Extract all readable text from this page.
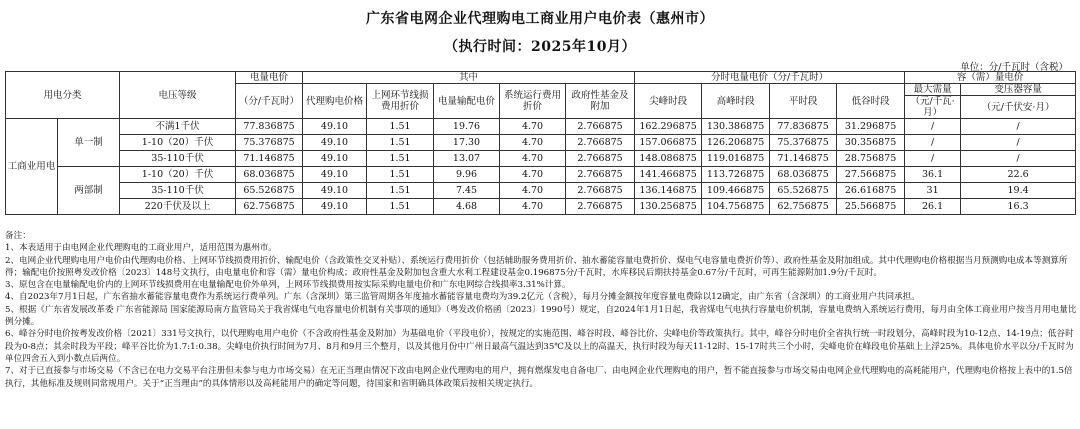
广东省电网企业代理购电工商业用户电价表（惠州市）
（执行时间：2025年10月）
单位：分/千瓦时（含税）
用电分类		电压等级	电量电价	其中					分时电量电价（分/千瓦时）				容（需）量电价	
			（分/千瓦时）	代理购电价格	上网环节线损费用折价	电量输配电价	系统运行费用折价	政府性基金及附加	尖峰时段	高峰时段	平时段	低谷时段	最大需量	变压器容量
													（元/千瓦·月）	（元/千伏安·月）
工商业用电	单一制	不满1千伏	77.836875	49.10	1.51	19.76	4.70	2.766875	162.296875	130.386875	77.836875	31.296875	/	/
		1-10（20）千伏	75.376875	49.10	1.51	17.30	4.70	2.766875	157.066875	126.206875	75.376875	30.356875	/	/
		35-110千伏	71.146875	49.10	1.51	13.07	4.70	2.766875	148.086875	119.016875	71.146875	28.756875	/	/
	两部制	1-10（20）千伏	68.036875	49.10	1.51	9.96	4.70	2.766875	141.466875	113.726875	68.036875	27.566875	36.1	22.6
		35-110千伏	65.526875	49.10	1.51	7.45	4.70	2.766875	136.146875	109.466875	65.526875	26.616875	31	19.4
		220千伏及以上	62.756875	49.10	1.51	4.68	4.70	2.766875	130.256875	104.756875	62.756875	25.566875	26.1	16.3
备注：
1、本表适用于由电网企业代理购电的工商业用户，适用范围为惠州市。
2、电网企业代理购电用户电价由代理购电价格、上网环节线损费用折价、输配电价（含政策性交叉补贴）、系统运行费用折价（包括辅助服务费用折价、抽水蓄能容量电费折价、煤电气电容量电费折价等）、政府性基金及附加组成。其中代理购电价格根据当月预测购电成本等测算所得；输配电价按照粤发改价格〔2023〕148号文执行，由电量电价和容（需）量电价构成；政府性基金及附加包含重大水利工程建设基金0.196875分/千瓦时，水库移民后期扶持基金0.67分/千瓦时，可再生能源附加1.9分/千瓦时。
3、原包含在电量输配电价内的上网环节线损费用在电量输配电价外单列，上网环节线损费用按实际采购电量电价和广东电网综合线损率3.31%计算。
4、自2023年7月1日起，广东省抽水蓄能容量电费作为系统运行费单列。广东（含深圳）第三监管周期各年度抽水蓄能容量电费均为39.2亿元（含税），每月分摊金额按年度容量电费除以12确定，由广东省（含深圳）的工商业用户共同承担。
5、根据《广东省发展改革委 广东省能源局 国家能源局南方监管局关于我省煤电气电容量电价机制有关事项的通知》（粤发改价格函〔2023〕1990号）规定，自2024年1月1日起，我省煤电气电执行容量电价机制，容量电费纳入系统运行费用，每月由全体工商业用户按当月用电量比例分摊。
6、峰谷分时电价按粤发改价格〔2021〕331号文执行，以代理购电用户电价（不含政府性基金及附加）为基础电价（平段电价），按规定的实施范围、峰谷时段、峰谷比价、尖峰电价等政策执行。其中，峰谷分时电价全省执行统一时段划分，高峰时段为10-12点、14-19点；低谷时段为0-8点；其余时段为平段；峰平谷比价为1.7:1:0.38。尖峰电价执行时间为7月、8月和9月三个整月，以及其他月份中广州日最高气温达到35℃及以上的高温天，执行时段为每天11-12时、15-17时共三个小时，尖峰电价在峰段电价基础上上浮25%。具体电价水平以分/千瓦时为单位四舍五入到小数点后两位。
7、对于已直接参与市场交易（不含已在电力交易平台注册但未参与电力市场交易）在无正当理由情况下改由电网企业代理购电的用户，拥有燃煤发电自备电厂、由电网企业代理购电的用户，暂不能直接参与市场交易由电网企业代理购电的高耗能用户，代理购电价格按上表中的1.5倍执行，其他标准及规则同常规用户。关于“正当理由”的具体情形以及高耗能用户的确定等问题，待国家和省明确具体政策后按相关规定执行。
